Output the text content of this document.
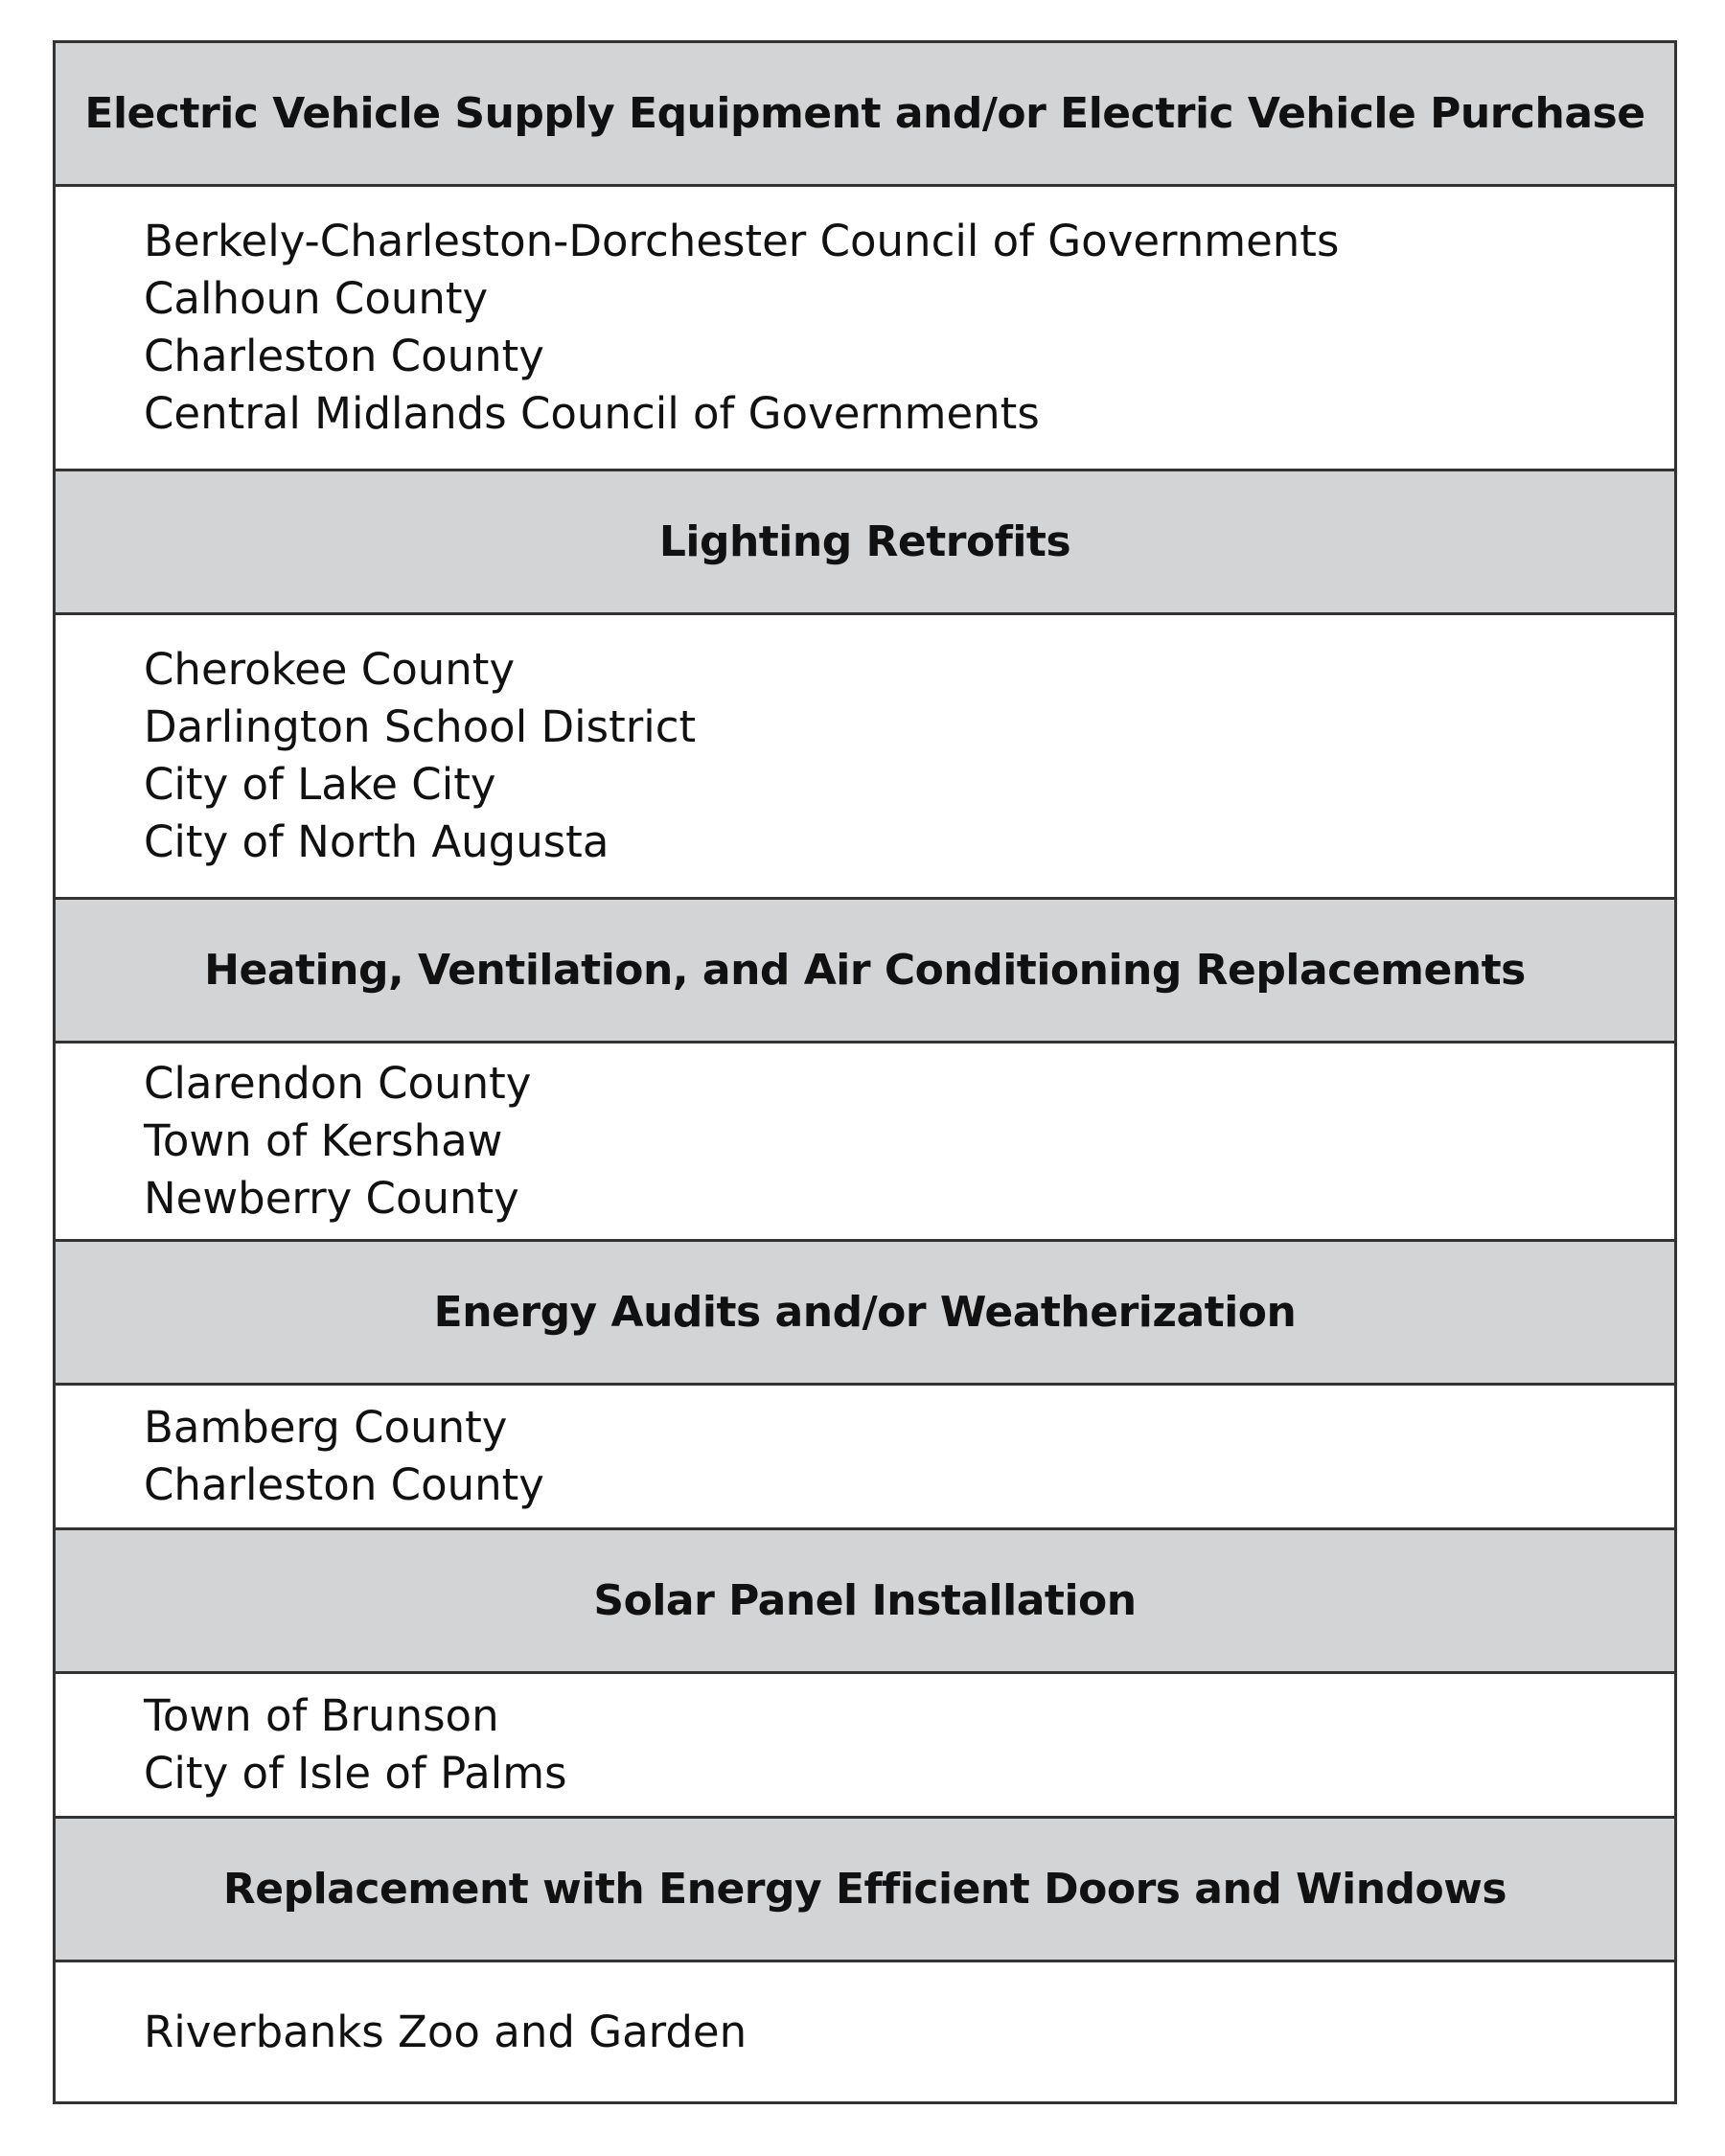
Electric Vehicle Supply Equipment and/or Electric Vehicle Purchase
Berkely-Charleston-Dorchester Council of Governments
Calhoun County
Charleston County
Central Midlands Council of Governments
Lighting Retrofits
Cherokee County
Darlington School District
City of Lake City
City of North Augusta
Heating, Ventilation, and Air Conditioning Replacements
Clarendon County
Town of Kershaw
Newberry County
Energy Audits and/or Weatherization
Bamberg County
Charleston County
Solar Panel Installation
Town of Brunson
City of Isle of Palms
Replacement with Energy Efficient Doors and Windows
Riverbanks Zoo and Garden
